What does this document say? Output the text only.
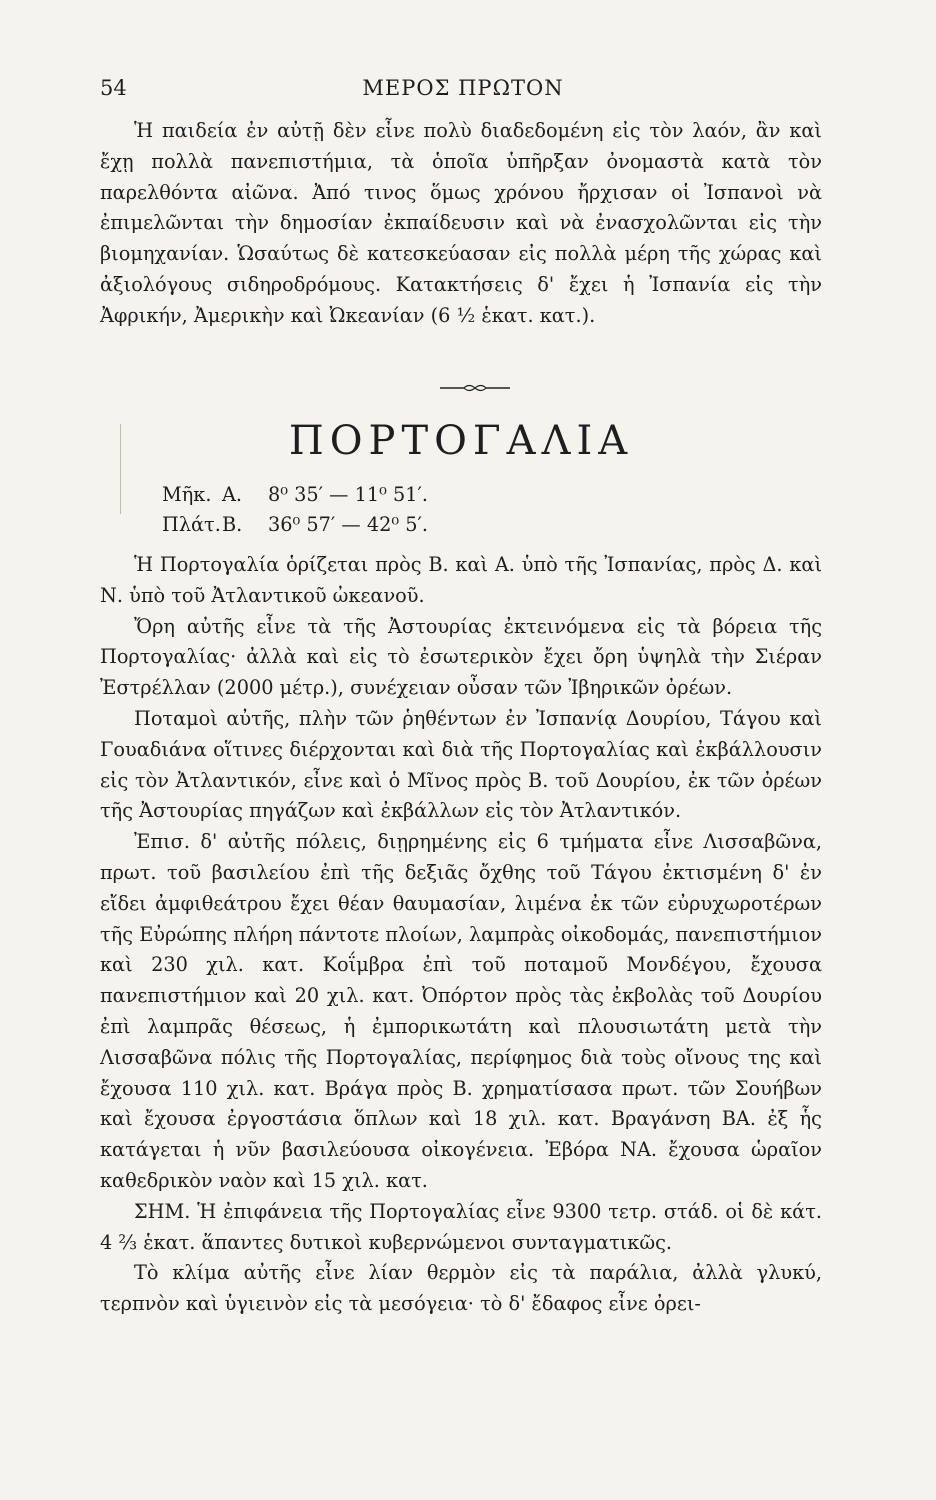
54	ΜΕΡΟΣ ΠΡΩΤΟΝ

Ἡ παιδεία ἐν αὐτῇ δὲν εἶνε πολὺ διαδεδομένη εἰς τὸν λαόν, ἂν καὶ ἔχῃ πολλὰ πανεπιστήμια, τὰ ὁποῖα ὑπῆρξαν ὀνομαστὰ κατὰ τὸν παρελθόντα αἰῶνα. Ἀπό τινος ὅμως χρόνου ἤρχισαν οἱ Ἰσπανοὶ νὰ ἐπιμελῶνται τὴν δημοσίαν ἐκπαίδευσιν καὶ νὰ ἐνασχολῶνται εἰς τὴν βιομηχανίαν. Ὡσαύτως δὲ κατεσκεύασαν εἰς πολλὰ μέρη τῆς χώρας καὶ ἀξιολόγους σιδηροδρόμους. Κατακτήσεις δ' ἔχει ἡ Ἰσπανία εἰς τὴν Ἀφρικήν, Ἀμερικὴν καὶ Ὠκεανίαν (6 ½ ἑκατ. κατ.).

ΠΟΡΤΟΓΑΛΙΑ
Μῆκ. Α. 8⁰ 35′ — 11⁰ 51′.
Πλάτ.Β. 36⁰ 57′ — 42⁰ 5′.

Ἡ Πορτογαλία ὁρίζεται πρὸς Β. καὶ Α. ὑπὸ τῆς Ἰσπανίας, πρὸς Δ. καὶ Ν. ὑπὸ τοῦ Ἀτλαντικοῦ ὠκεανοῦ.

Ὄρη αὐτῆς εἶνε τὰ τῆς Ἀστουρίας ἐκτεινόμενα εἰς τὰ βόρεια τῆς Πορτογαλίας· ἀλλὰ καὶ εἰς τὸ ἐσωτερικὸν ἔχει ὄρη ὑψηλὰ τὴν Σιέραν Ἐστρέλλαν (2000 μέτρ.), συνέχειαν οὖσαν τῶν Ἰβηρικῶν ὀρέων.

Ποταμοὶ αὐτῆς, πλὴν τῶν ῥηθέντων ἐν Ἰσπανίᾳ Δουρίου, Τάγου καὶ Γουαδιάνα οἵτινες διέρχονται καὶ διὰ τῆς Πορτογαλίας καὶ ἐκβάλλουσιν εἰς τὸν Ἀτλαντικόν, εἶνε καὶ ὁ Μῖνος πρὸς Β. τοῦ Δουρίου, ἐκ τῶν ὀρέων τῆς Ἀστουρίας πηγάζων καὶ ἐκβάλλων εἰς τὸν Ἀτλαντικόν.

Ἐπισ. δ' αὐτῆς πόλεις, διῃρημένης εἰς 6 τμήματα εἶνε Λισσαβῶνα, πρωτ. τοῦ βασιλείου ἐπὶ τῆς δεξιᾶς ὄχθης τοῦ Τάγου ἐκτισμένη δ' ἐν εἴδει ἀμφιθεάτρου ἔχει θέαν θαυμασίαν, λιμένα ἐκ τῶν εὐρυχωροτέρων τῆς Εὐρώπης πλήρη πάντοτε πλοίων, λαμπρὰς οἰκοδομάς, πανεπιστήμιον καὶ 230 χιλ. κατ. Κοΐμβρα ἐπὶ τοῦ ποταμοῦ Μονδέγου, ἔχουσα πανεπιστήμιον καὶ 20 χιλ. κατ. Ὀπόρτον πρὸς τὰς ἐκβολὰς τοῦ Δουρίου ἐπὶ λαμπρᾶς θέσεως, ἡ ἐμπορικωτάτη καὶ πλουσιωτάτη μετὰ τὴν Λισσαβῶνα πόλις τῆς Πορτογαλίας, περίφημος διὰ τοὺς οἴνους της καὶ ἔχουσα 110 χιλ. κατ. Βράγα πρὸς Β. χρηματίσασα πρωτ. τῶν Σουήβων καὶ ἔχουσα ἐργοστάσια ὅπλων καὶ 18 χιλ. κατ. Βραγάνση ΒΑ. ἐξ ἧς κατάγεται ἡ νῦν βασιλεύουσα οἰκογένεια. Ἐβόρα ΝΑ. ἔχουσα ὡραῖον καθεδρικὸν ναὸν καὶ 15 χιλ. κατ.

ΣΗΜ. Ἡ ἐπιφάνεια τῆς Πορτογαλίας εἶνε 9300 τετρ. στάδ. οἱ δὲ κάτ. 4 ⅔ ἑκατ. ἅπαντες δυτικοὶ κυβερνώμενοι συνταγματικῶς.

Τὸ κλίμα αὐτῆς εἶνε λίαν θερμὸν εἰς τὰ παράλια, ἀλλὰ γλυκύ, τερπνὸν καὶ ὑγιεινὸν εἰς τὰ μεσόγεια· τὸ δ' ἔδαφος εἶνε ὀρει-
